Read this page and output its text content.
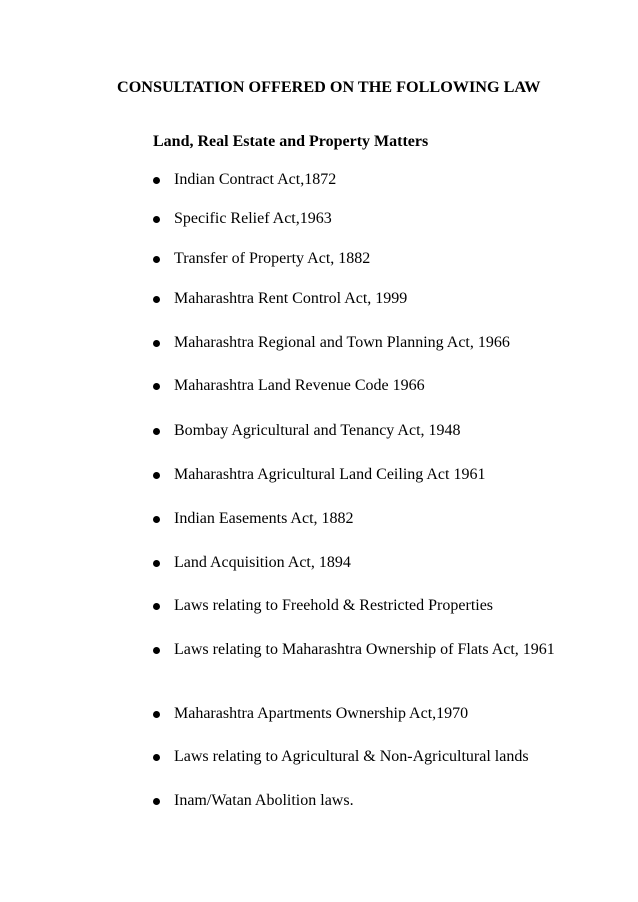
CONSULTATION OFFERED ON THE FOLLOWING LAW
Land, Real Estate and Property Matters
Indian Contract Act,1872
Specific Relief Act,1963
Transfer of Property Act, 1882
Maharashtra Rent Control Act, 1999
Maharashtra Regional and Town Planning Act, 1966
Maharashtra Land Revenue Code 1966
Bombay Agricultural and Tenancy Act, 1948
Maharashtra Agricultural Land Ceiling Act 1961
Indian Easements Act, 1882
Land Acquisition Act, 1894
Laws relating to Freehold & Restricted Properties
Laws relating to Maharashtra Ownership of Flats Act, 1961
Maharashtra Apartments Ownership Act,1970
Laws relating to Agricultural & Non-Agricultural lands
Inam/Watan Abolition laws.
